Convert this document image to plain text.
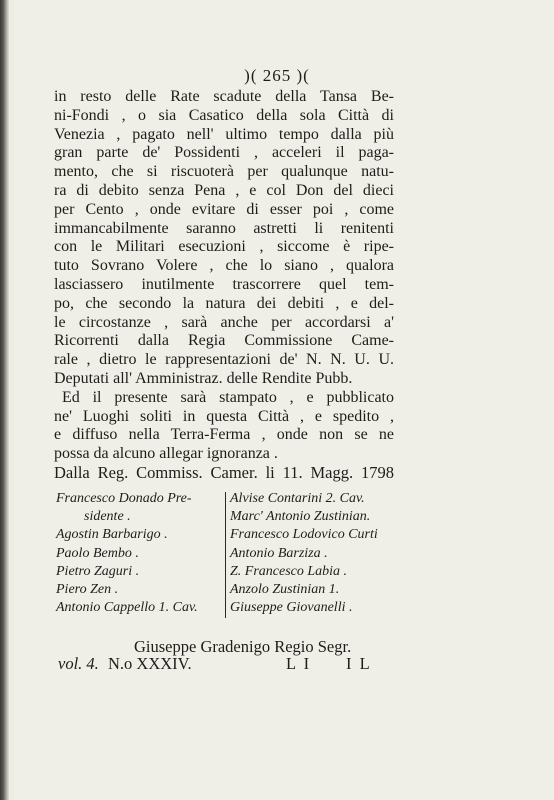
)( 265 )(
in resto delle Rate scadute della Tansa Be-
ni-Fondi , o sia Casatico della sola Città di
Venezia , pagato nell' ultimo tempo dalla più
gran parte de' Possidenti , acceleri il paga-
mento, che si riscuoterà per qualunque natu-
ra di debito senza Pena , e col Don del dieci
per Cento , onde evitare di esser poi , come
immancabilmente saranno astretti li renitenti
con le Militari esecuzioni , siccome è ripe-
tuto Sovrano Volere , che lo siano , qualora
lasciassero inutilmente trascorrere quel tem-
po, che secondo la natura dei debiti , e del-
le circostanze , sarà anche per accordarsi a'
Ricorrenti dalla Regia Commissione Came-
rale , dietro le rappresentazioni de' N. N. U. U.
Deputati all' Amministraz. delle Rendite Pubb.
Ed il presente sarà stampato , e pubblicato
ne' Luoghi soliti in questa Città , e spedito ,
e diffuso nella Terra-Ferma , onde non se ne
possa da alcuno allegar ignoranza .
Dalla Reg. Commiss. Camer. li 11. Magg. 1798
Francesco Donado Pre-
sidente .
Agostin Barbarigo .
Paolo Bembo .
Pietro Zaguri .
Piero Zen .
Antonio Cappello 1. Cav.
Alvise Contarini 2. Cav.
Marc' Antonio Zustinian.
Francesco Lodovico Curti
Antonio Barziza .
Z. Francesco Labia .
Anzolo Zustinian 1.
Giuseppe Giovanelli .
Giuseppe Gradenigo Regio Segr.
vol. 4. N.o XXXIV.	L I I L
